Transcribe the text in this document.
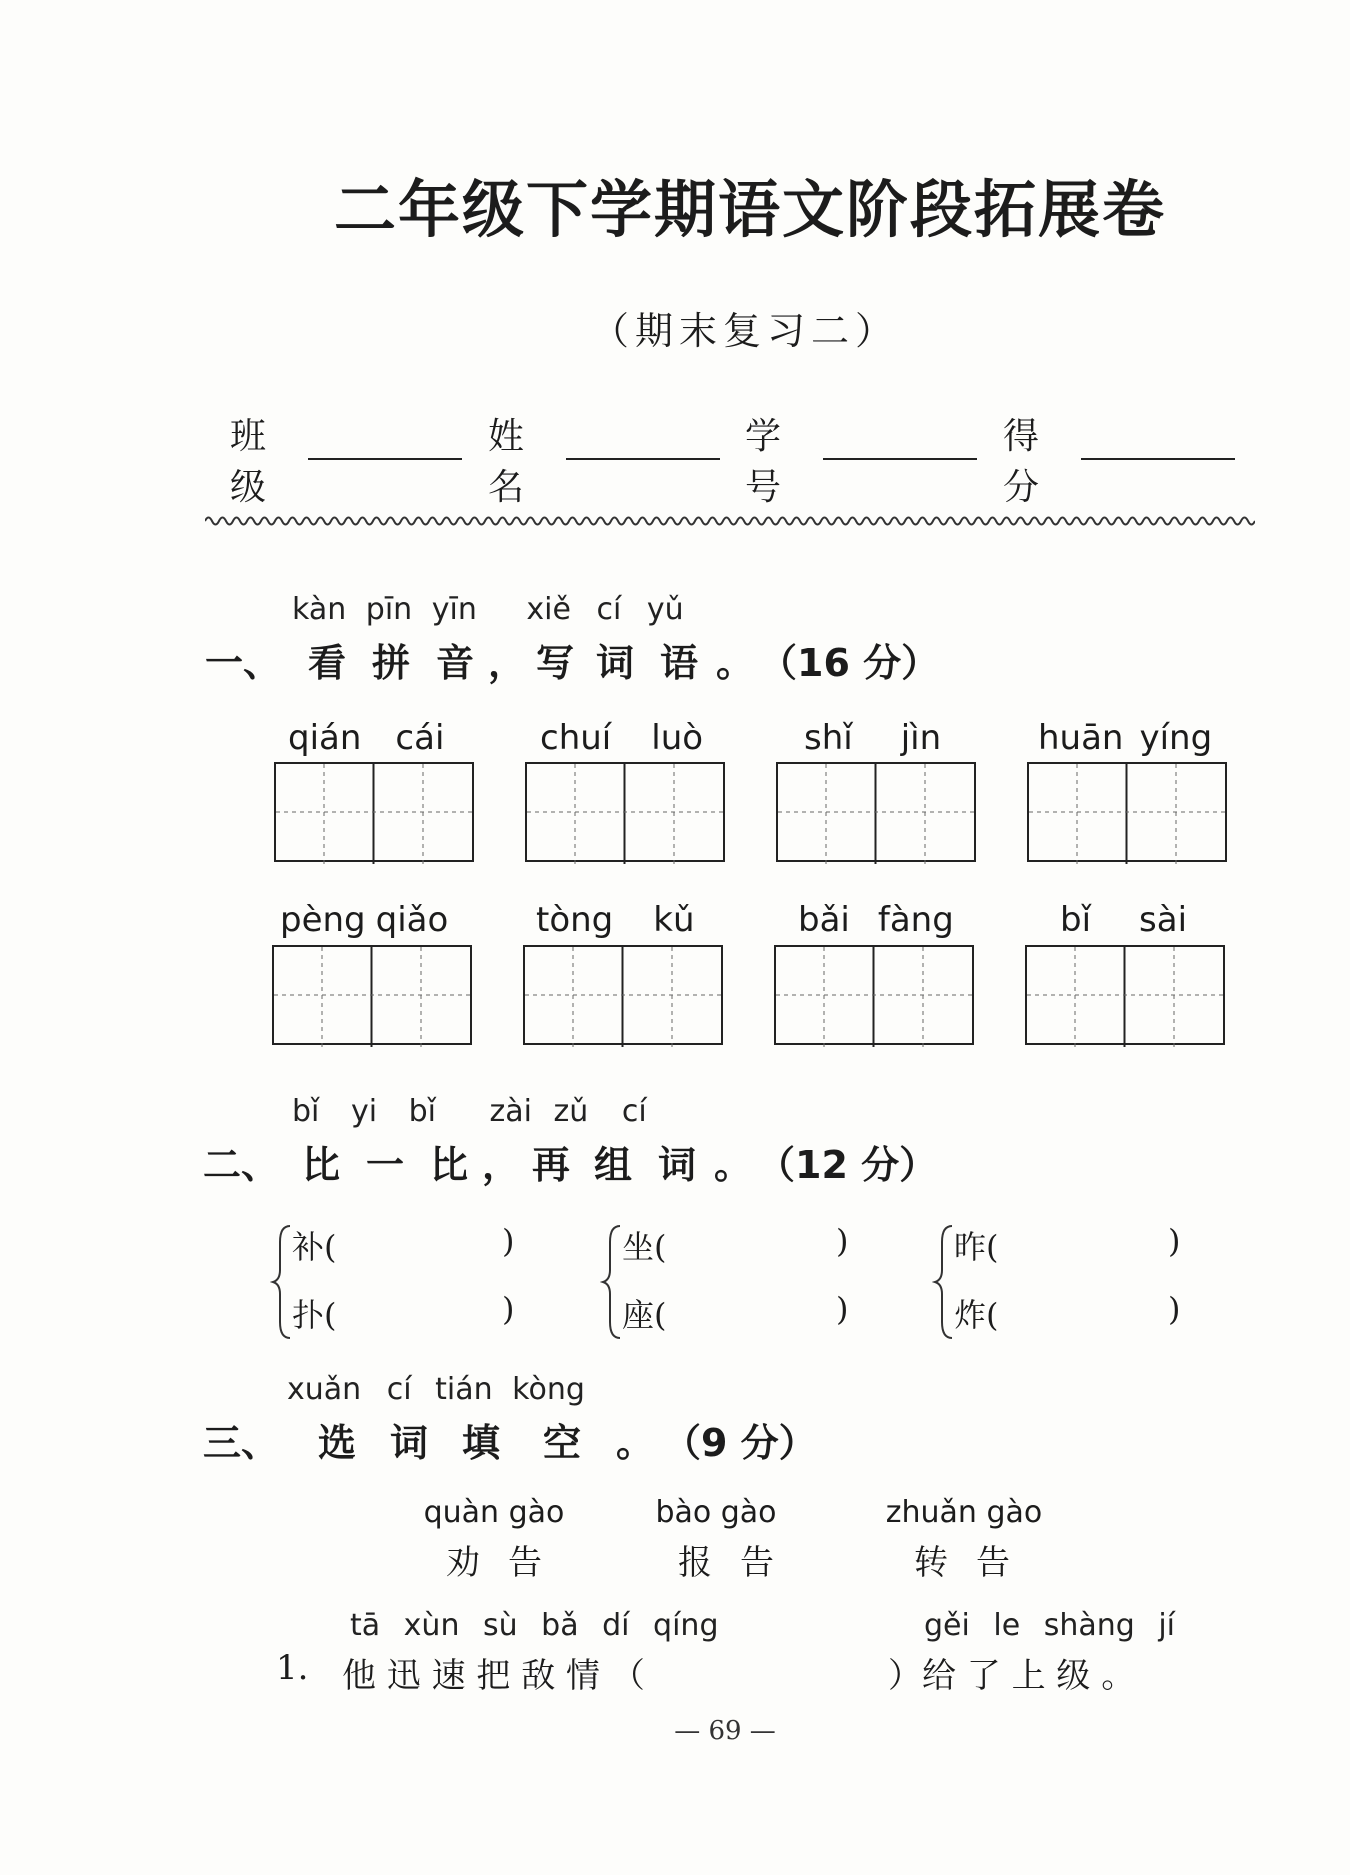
二年级下学期语文阶段拓展卷
（期末复习二）
班级
姓名
学号
得分
kàn pīn yīn xiě cí yǔ
一、 看 拼 音 ， 写 词 语 。 （16 分）
qián cái	chuí luò	shǐ jìn	huān yíng
pèng qiǎo	tòng kǔ	bǎi fàng	bǐ sài
bǐ yi bǐ zài zǔ cí
二、 比 一 比 ， 再 组 词 。 （12 分）
补(	)
扑(	)
坐(	)
座(	)
昨(	)
炸(	)
xuǎn cí tián kòng
三、 选 词 填 空 。 （9 分）
quàn gào
劝告
bào gào
报告
zhuǎn gào
转告
tā xùn sù bǎ dí qíng	gěi le shàng jí
1. 他 迅 速 把 敌 情 （	）给 了 上 级 。
— 69 —
